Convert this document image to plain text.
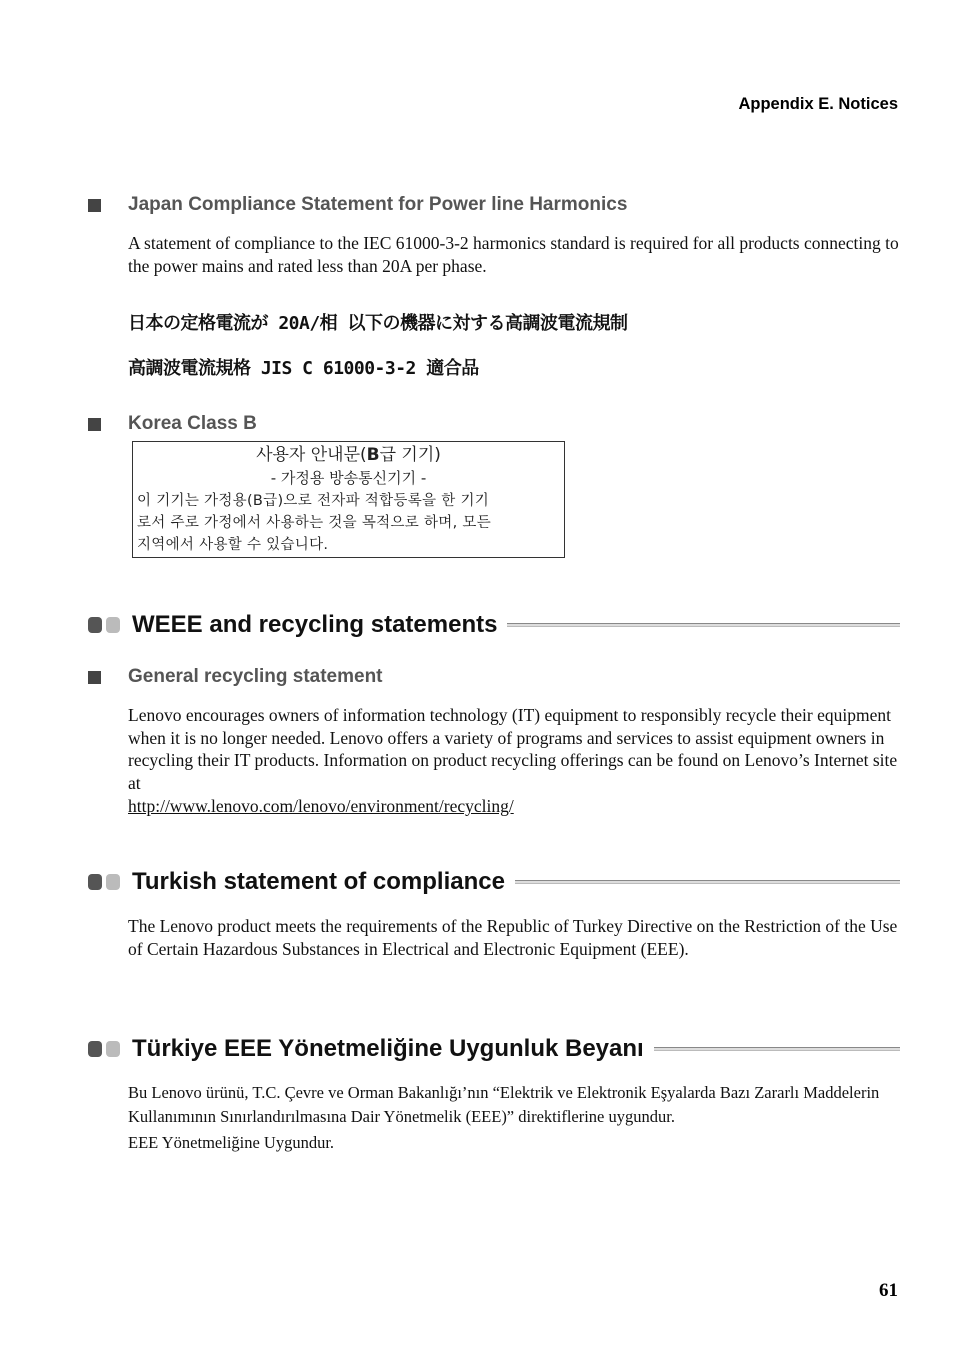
Appendix E. Notices
Japan Compliance Statement for Power line Harmonics

A statement of compliance to the IEC 61000-3-2 harmonics standard is required for all products connecting to the power mains and rated less than 20A per phase.

日本の定格電流が 20A/相 以下の機器に対する高調波電流規制
高調波電流規格 JIS C 61000-3-2 適合品
Korea Class B
사용자 안내문(B급 기기)
- 가정용 방송통신기기 -
이 기기는 가정용(B급)으로 전자파 적합등록을 한 기기
로서 주로 가정에서 사용하는 것을 목적으로 하며, 모든
지역에서 사용할 수 있습니다.
WEEE and recycling statements
General recycling statement
Lenovo encourages owners of information technology (IT) equipment to responsibly recycle their equipment when it is no longer needed. Lenovo offers a variety of programs and services to assist equipment owners in recycling their IT products. Information on product recycling offerings can be found on Lenovo’s Internet site at
http://www.lenovo.com/lenovo/environment/recycling/
Turkish statement of compliance

The Lenovo product meets the requirements of the Republic of Turkey Directive on the Restriction of the Use of Certain Hazardous Substances in Electrical and Electronic Equipment (EEE).

Türkiye EEE Yönetmeliğine Uygunluk Beyanı

Bu Lenovo ürünü, T.C. Çevre ve Orman Bakanlığı’nın “Elektrik ve Elektronik Eşyalarda Bazı Zararlı Maddelerin Kullanımının Sınırlandırılmasına Dair Yönetmelik (EEE)” direktiflerine uygundur.

EEE Yönetmeliğine Uygundur.

61
